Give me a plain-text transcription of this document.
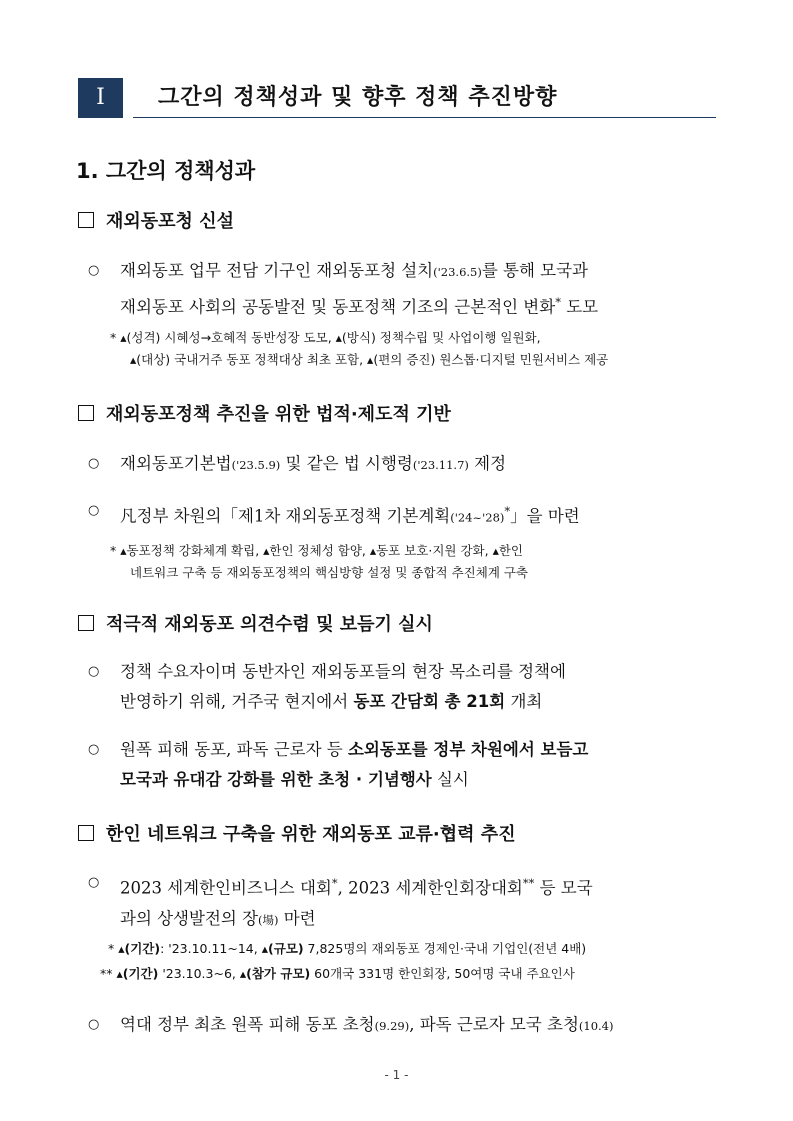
Ⅰ	그간의 정책성과 및 향후 정책 추진방향
1. 그간의 정책성과
재외동포청 신설
○	재외동포 업무 전담 기구인 재외동포청 설치('23.6.5)를 통해 모국과
재외동포 사회의 공동발전 및 동포정책 기조의 근본적인 변화* 도모
* ▴(성격) 시혜성→호혜적 동반성장 도모, ▴(방식) 정책수립 및 사업이행 일원화,
▴(대상) 국내거주 동포 정책대상 최초 포함, ▴(편의 증진) 원스톱·디지털 민원서비스 제공
재외동포정책 추진을 위한 법적·제도적 기반
○	재외동포기본법('23.5.9) 및 같은 법 시행령('23.11.7) 제정
○	凡정부 차원의「제1차 재외동포정책 기본계획('24~'28)*」을 마련
* ▴동포정책 강화체계 확립, ▴한인 정체성 함양, ▴동포 보호·지원 강화, ▴한인
네트워크 구축 등 재외동포정책의 핵심방향 설정 및 종합적 추진체계 구축
적극적 재외동포 의견수렴 및 보듬기 실시
○	정책 수요자이며 동반자인 재외동포들의 현장 목소리를 정책에
반영하기 위해, 거주국 현지에서 동포 간담회 총 21회 개최
○	원폭 피해 동포, 파독 근로자 등 소외동포를 정부 차원에서 보듬고
모국과 유대감 강화를 위한 초청 · 기념행사 실시
한인 네트워크 구축을 위한 재외동포 교류·협력 추진
○	2023 세계한인비즈니스 대회*, 2023 세계한인회장대회** 등 모국
과의 상생발전의 장(場) 마련
* ▴(기간): '23.10.11~14, ▴(규모) 7,825명의 재외동포 경제인·국내 기업인(전년 4배)
** ▴(기간) '23.10.3~6, ▴(참가 규모) 60개국 331명 한인회장, 50여명 국내 주요인사
○	역대 정부 최초 원폭 피해 동포 초청(9.29), 파독 근로자 모국 초청(10.4)
- 1 -
